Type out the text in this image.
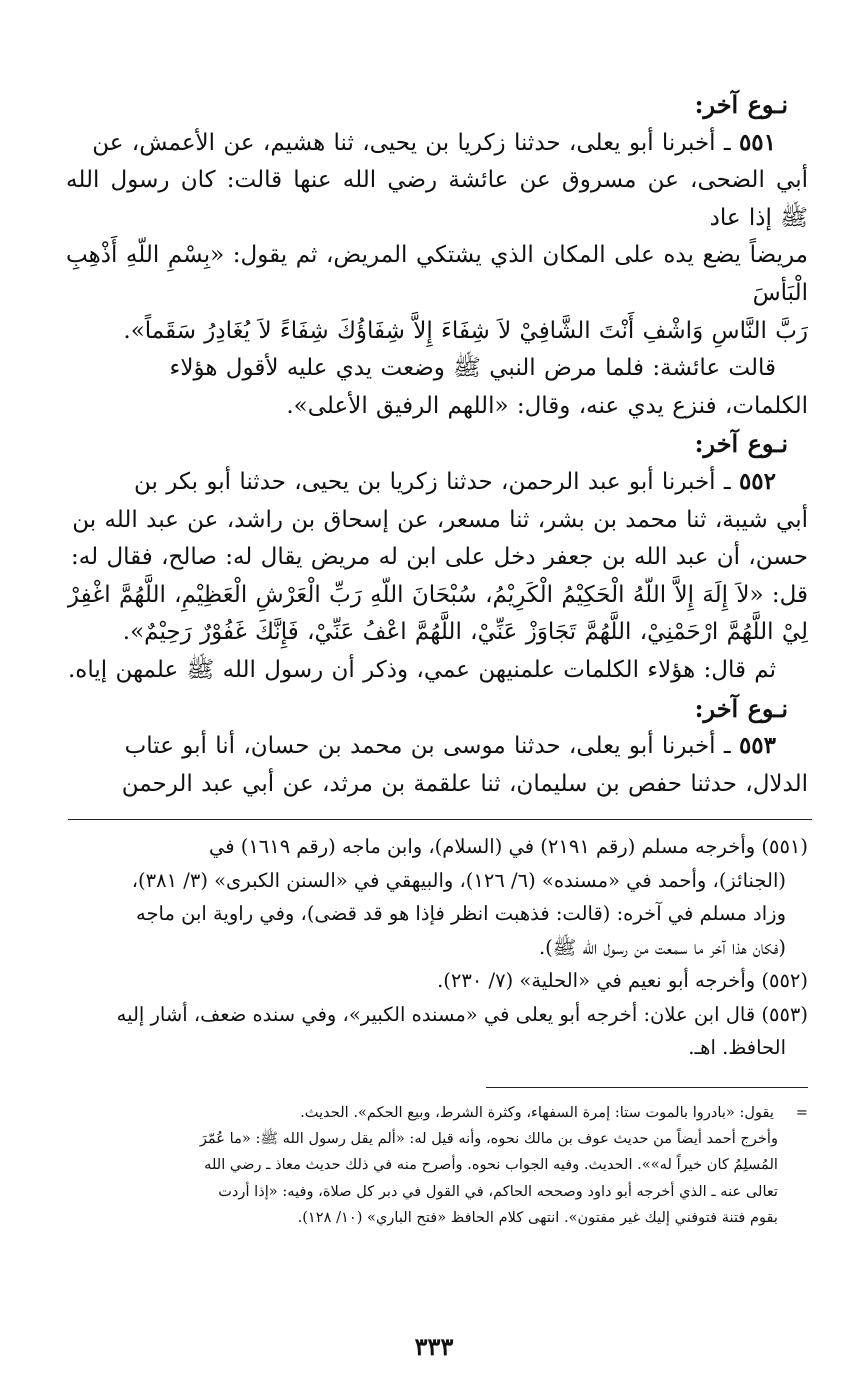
نـوع آخر:

٥٥١ ـ أخبرنا أبو يعلى، حدثنا زكريا بن يحيى، ثنا هشيم، عن الأعمش، عن

أبي الضحى، عن مسروق عن عائشة رضي الله عنها قالت: كان رسول الله ﷺ إذا عاد

مريضاً يضع يده على المكان الذي يشتكي المريض، ثم يقول: «بِسْمِ اللّهِ أَذْهِبِ الْبَأسَ

رَبَّ النَّاسِ وَاشْفِ أَنْتَ الشَّافِيْ لاَ شِفَاءَ إِلاَّ شِفَاؤُكَ شِفَاءً لاَ يُغَادِرُ سَقَماً».

قالت عائشة: فلما مرض النبي ﷺ وضعت يدي عليه لأقول هؤلاء

الكلمات، فنزع يدي عنه، وقال: «اللهم الرفيق الأعلى».

نـوع آخر:

٥٥٢ ـ أخبرنا أبو عبد الرحمن، حدثنا زكريا بن يحيى، حدثنا أبو بكر بن

أبي شيبة، ثنا محمد بن بشر، ثنا مسعر، عن إسحاق بن راشد، عن عبد الله بن

حسن، أن عبد الله بن جعفر دخل على ابن له مريض يقال له: صالح، فقال له:

قل: «لاَ إِلَهَ إِلاَّ اللّهُ الْحَكِيْمُ الْكَرِيْمُ، سُبْحَانَ اللّهِ رَبِّ الْعَرْشِ الْعَظِيْمِ، اللَّهُمَّ اغْفِرْ

لِيْ اللَّهُمَّ ارْحَمْنِيْ، اللَّهُمَّ تَجَاوَزْ عَنِّيْ، اللَّهُمَّ اعْفُ عَنِّيْ، فَإِنَّكَ غَفُوْرٌ رَحِيْمٌ».

ثم قال: هؤلاء الكلمات علمنيهن عمي، وذكر أن رسول الله ﷺ علمهن إياه.

نـوع آخر:

٥٥٣ ـ أخبرنا أبو يعلى، حدثنا موسى بن محمد بن حسان، أنا أبو عتاب

الدلال، حدثنا حفص بن سليمان، ثنا علقمة بن مرثد، عن أبي عبد الرحمن

(٥٥١) وأخرجه مسلم (رقم ٢١٩١) في (السلام)، وابن ماجه (رقم ١٦١٩) في

(الجنائز)، وأحمد في «مسنده» (٦/ ١٢٦)، والبيهقي في «السنن الكبرى» (٣/ ٣٨١)،

وزاد مسلم في آخره: (قالت: فذهبت انظر فإذا هو قد قضى)، وفي راوية ابن ماجه

(فكان هذا آخر ما سمعت من رسول الله ﷺ).

(٥٥٢) وأخرجه أبو نعيم في «الحلية» (٧/ ٢٣٠).

(٥٥٣) قال ابن علان: أخرجه أبو يعلى في «مسنده الكبير»، وفي سنده ضعف، أشار إليه

الحافظ. اهـ.

=
يقول: «بادروا بالموت ستا: إمرة السفهاء، وكثرة الشرط، وبيع الحكم». الحديث.

وأخرج أحمد أيضاً من حديث عوف بن مالك نحوه، وأنه قيل له: «ألم يقل رسول الله ﷺ: «ما عُمّرَ

المُسلِمُ كان خيراً له»». الحديث. وفيه الجواب نحوه. وأصرح منه في ذلك حديث معاذ ـ رضي الله

تعالى عنه ـ الذي أخرجه أبو داود وصححه الحاكم، في القول في دبر كل صلاة، وفيه: «إذا أردت

بقوم فتنة فتوفني إليك غير مفتون». انتهى كلام الحافظ «فتح الباري» (١٠/ ١٢٨).

٣٣٣
